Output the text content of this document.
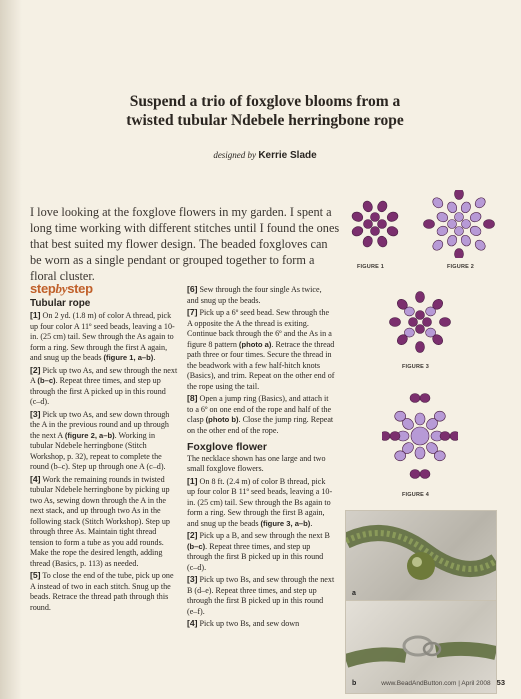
Suspend a trio of foxglove blooms from a
twisted tubular Ndebele herringbone rope
designed by Kerrie Slade
I love looking at the foxglove flowers in my garden. I spent a long time working with different stitches until I found the ones that best suited my flower design. The beaded foxgloves can be worn as a single pendant or grouped together to form a floral cluster.
stepbystep
Tubular rope
[1] On 2 yd. (1.8 m) of color A thread, pick up four color A 11º seed beads, leaving a 10-in. (25 cm) tail. Sew through the As again to form a ring. Sew through the first A again, and snug up the beads (figure 1, a–b).
[2] Pick up two As, and sew through the next A (b–c). Repeat three times, and step up through the first A picked up in this round (c–d).
[3] Pick up two As, and sew down through the A in the previous round and up through the next A (figure 2, a–b). Working in tubular Ndebele herringbone (Stitch Workshop, p. 32), repeat to complete the round (b–c). Step up through one A (c–d).
[4] Work the remaining rounds in twisted tubular Ndebele herringbone by picking up two As, sewing down through the A in the next stack, and up through two As in the following stack (Stitch Workshop). Step up through three As. Maintain tight thread tension to form a tube as you add rounds. Make the rope the desired length, adding thread (Basics, p. 113) as needed.
[5] To close the end of the tube, pick up one A instead of two in each stitch. Snug up the beads. Retrace the thread path through this round.
[6] Sew through the four single As twice, and snug up the beads.
[7] Pick up a 6º seed bead. Sew through the A opposite the A the thread is exiting. Continue back through the 6º and the As in a figure 8 pattern (photo a). Retrace the thread path three or four times. Secure the thread in the beadwork with a few half-hitch knots (Basics), and trim. Repeat on the other end of the rope using the tail.
[8] Open a jump ring (Basics), and attach it to a 6º on one end of the rope and half of the clasp (photo b). Close the jump ring. Repeat on the other end of the rope.
Foxglove flower
The necklace shown has one large and two small foxglove flowers.
[1] On 8 ft. (2.4 m) of color B thread, pick up four color B 11º seed beads, leaving a 10-in. (25 cm) tail. Sew through the Bs again to form a ring. Sew through the first B again, and snug up the beads (figure 3, a–b).
[2] Pick up a B, and sew through the next B (b–c). Repeat three times, and step up through the first B picked up in this round (c–d).
[3] Pick up two Bs, and sew through the next B (d–e). Repeat three times, and step up through the first B picked up in this round (e–f).
[4] Pick up two Bs, and sew down
FIGURE 1	FIGURE 2
FIGURE 3
FIGURE 4
a
b	www.BeadAndButton.com | April 2008 53
